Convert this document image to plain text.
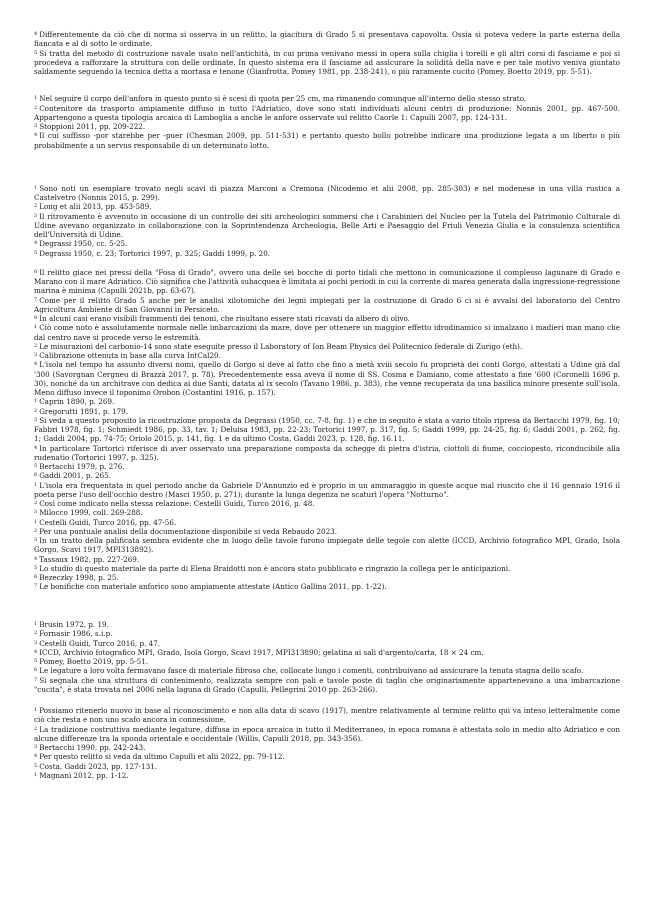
$^4$ Differentemente da ciò che di norma si osserva in un relitto, la giacitura di Grado 5 si presentava capovolta. Ossia si poteva vedere la parte esterna della fiancata e al di sotto le ordinate.

$^5$ Si tratta del metodo di costruzione navale usato nell'antichità, in cui prima venivano messi in opera sulla chiglia i torelli e gli altri corsi di fasciame e poi si procedeva a rafforzare la struttura con delle ordinate. In questo sistema era il fasciame ad assicurare la solidità della nave e per tale motivo veniva giuntato saldamente seguendo la tecnica detta a mortasa e tenone (Gianfrotta, Pomey 1981, pp. 238-241), o più raramente cucito (Pomey, Boetto 2019, pp. 5-51).

$^1$ Nel seguire il corpo dell'anfora in questo punto si è scesi di quota per 25 cm, ma rimanendo comunque all'interno dello stesso strato.

$^2$ Contenitore da trasporto ampiamente diffuso in tutto l'Adriatico, dove sono stati individuati alcuni centri di produzione: Nonnis 2001, pp. 467-500. Appartengono a questa tipologia arcaica di Lamboglia a anche le anfore osservate sul relitto Caorle 1: Capulli 2007, pp. 124-131.

$^3$ Stoppioni 2011, pp. 209-222.

$^4$ Il cui suffisso -por starebbe per -puer (Chesman 2009, pp. 511-531) e pertanto questo bollo potrebbe indicare una produzione legata a un liberto o più probabilmente a un servus responsabile di un determinato lotto.

$^1$ Sono noti un esemplare trovato negli scavi di piazza Marconi a Cremona (Nicodemo et alii 2008, pp. 285-303) e nel modenese in una villa rustica a Castelvetro (Nonnis 2015, p. 299).

$^2$ Long et alii 2013, pp. 453-589.

$^3$ Il ritrovamento è avvenuto in occasione di un controllo dei siti archeologici sommersi che i Carabinieri del Nucleo per la Tutela del Patrimonio Culturale di Udine avevano organizzato in collaborazione con la Soprintendenza Archeologia, Belle Arti e Paesaggio del Friuli Venezia Giulia e la consulenza scientifica dell'Università di Udine.

$^4$ Degrassi 1950, cc. 5-25.

$^5$ Degrassi 1950, c. 23; Tortorici 1997, p. 325; Gaddi 1999, p. 20.

$^6$ Il relitto giace nei pressi della "Fosa di Grado", ovvero una delle sei bocche di porto tidali che mettono in comunicazione il complesso lagunare di Grado e Marano con il mare Adriatico. Ciò significa che l'attività subacquea è limitata ai pochi periodi in cui la corrente di marea generata dalla ingressione-regressione marina è minima (Capulli 2021b, pp. 63-67).

$^7$ Come per il relitto Grado 5 anche per le analisi xilotomiche dei legni impiegati per la costruzione di Grado 6 ci si è avvalsi del laboratorio del Centro Agricoltura Ambiente di San Giovanni in Persiceto.

$^8$ In alcuni casi erano visibili frammenti dei tenoni, che risultano essere stati ricavati da albero di olivo.

$^1$ Ciò come noto è assolutamente normale nelle imbarcazioni da mare, dove per ottenere un maggior effetto idrodinamico si innalzano i madieri man mano che dal centro nave si procede verso le estremità.

$^2$ Le misurazioni del carbonio-14 sono state eseguite presso il Laboratory of Ion Beam Physics del Politecnico federale di Zurigo (eth).

$^3$ Calibrazione ottenuta in base alla curva IntCal20.

$^4$ L'isola nel tempo ha assunto diversi nomi, quello di Gorgo si deve al fatto che fino a metà xviii secolo fu proprietà dei conti Gorgo, attestati a Udine già dal '300 (Savorgnan Cergneu di Brazzà 2017, p. 78). Precedentemente essa aveva il nome di SS. Cosma e Damiano, come attestato a fine '600 (Coronelli 1696 p. 30), nonché da un architrave con dedica ai due Santi, datata al ix secolo (Tavano 1986, p. 383), che venne recuperata da una basilica minore presente sull'isola. Meno diffuso invece il toponimo Orobon (Costantini 1916, p. 157).

$^1$ Caprin 1890, p. 269.

$^2$ Gregorutti 1891, p. 179.

$^3$ Si veda a questo proposito la ricostruzione proposta da Degrassi (1950, cc. 7-8, fig. 1) e che in seguito è stata a vario titolo ripresa da Bertacchi 1979, fig. 10; Fabbri 1978, fig. 1; Schmiedt 1986, pp. 33, tav. 1; Deluisa 1983, pp. 22-23; Tortorici 1997, p. 317, fig. 5; Gaddi 1999, pp. 24-25, fig. 6; Gaddi 2001, p. 262, fig. 1; Gaddi 2004, pp. 74-75; Oriolo 2015, p. 141, fig. 1 e da ultimo Costa, Gaddi 2023, p. 128, fig. 16.11.

$^4$ In particolare Tortorici riferisce di aver osservato una preparazione composta da schegge di pietra d'istria, ciottoli di fiume, cocciopesto, riconducibile alla rudenatio (Tortorici 1997, p. 325).

$^5$ Bertacchi 1979, p. 276.

$^6$ Gaddi 2001, p. 265.

$^1$ L'isola era frequentata in quel periodo anche da Gabriele D'Annunzio ed è proprio in un ammaraggio in queste acque mal riuscito che il 16 gennaio 1916 il poeta perse l'uso dell'occhio destro (Masci 1950, p. 271); durante la lunga degenza ne scaturì l'opera "Notturno".

$^2$ Così come indicato nella stessa relazione: Cestelli Guidi, Turco 2016, p. 48.

$^3$ Milocco 1999, coll. 269-288.

$^1$ Cestelli Guidi, Turco 2016, pp. 47-56.

$^2$ Per una puntuale analisi della documentazione disponibile si veda Rebaudo 2023.

$^3$ In un tratto della palificata sembra evidente che in luogo delle tavole furono impiegate delle tegole con alette (ICCD, Archivio fotografico MPI, Grado, Isola Gorgo, Scavi 1917, MPI313892).

$^4$ Tassaux 1982, pp. 227-269.

$^5$ Lo studio di questo materiale da parte di Elena Braidotti non è ancora stato pubblicato e ringrazio la collega per le anticipazioni.

$^6$ Bezeczky 1998, p. 25.

$^7$ Le bonifiche con materiale anforico sono ampiamente attestate (Antico Gallina 2011, pp. 1-22).

$^1$ Brusin 1972, p. 19.

$^2$ Fornasir 1986, s.i.p.

$^3$ Cestelli Guidi, Turco 2016, p. 47.

$^4$ ICCD, Archivio fotografico MPI, Grado, Isola Gorgo, Scavi 1917, MPI313890; gelatina ai sali d'argento/carta, 18 × 24 cm.

$^5$ Pomey, Boetto 2019, pp. 5-51.

$^6$ Le legature a loro volta fermavano fasce di materiale fibroso che, collocate lungo i comenti, contribuivano ad assicurare la tenuta stagna dello scafo.

$^7$ Si segnala che una struttura di contenimento, realizzata sempre con pali e tavole poste di taglio che originariamente appartenevano a una imbarcazione "cucita", è stata trovata nel 2006 nella laguna di Grado (Capulli, Pellegrini 2010 pp. 263-266).

$^1$ Possiamo ritenerlo nuovo in base al riconoscimento e non alla data di scavo (1917), mentre relativamente al termine relitto qui va inteso letteralmente come ciò che resta e non uno scafo ancora in connessione.

$^2$ La tradizione costruttiva mediante legature, diffusa in epoca arcaica in tutto il Mediterraneo, in epoca romana è attestata solo in medio alto Adriatico e con alcune differenze tra la sponda orientale e occidentale (Willis, Capulli 2018, pp. 343-356).

$^3$ Bertacchi 1990, pp. 242-243.

$^4$ Per questo relitto si veda da ultimo Capulli et alii 2022, pp. 79-112.

$^5$ Costa, Gaddi 2023, pp. 127-131.

$^1$ Magnani 2012, pp. 1-12.
